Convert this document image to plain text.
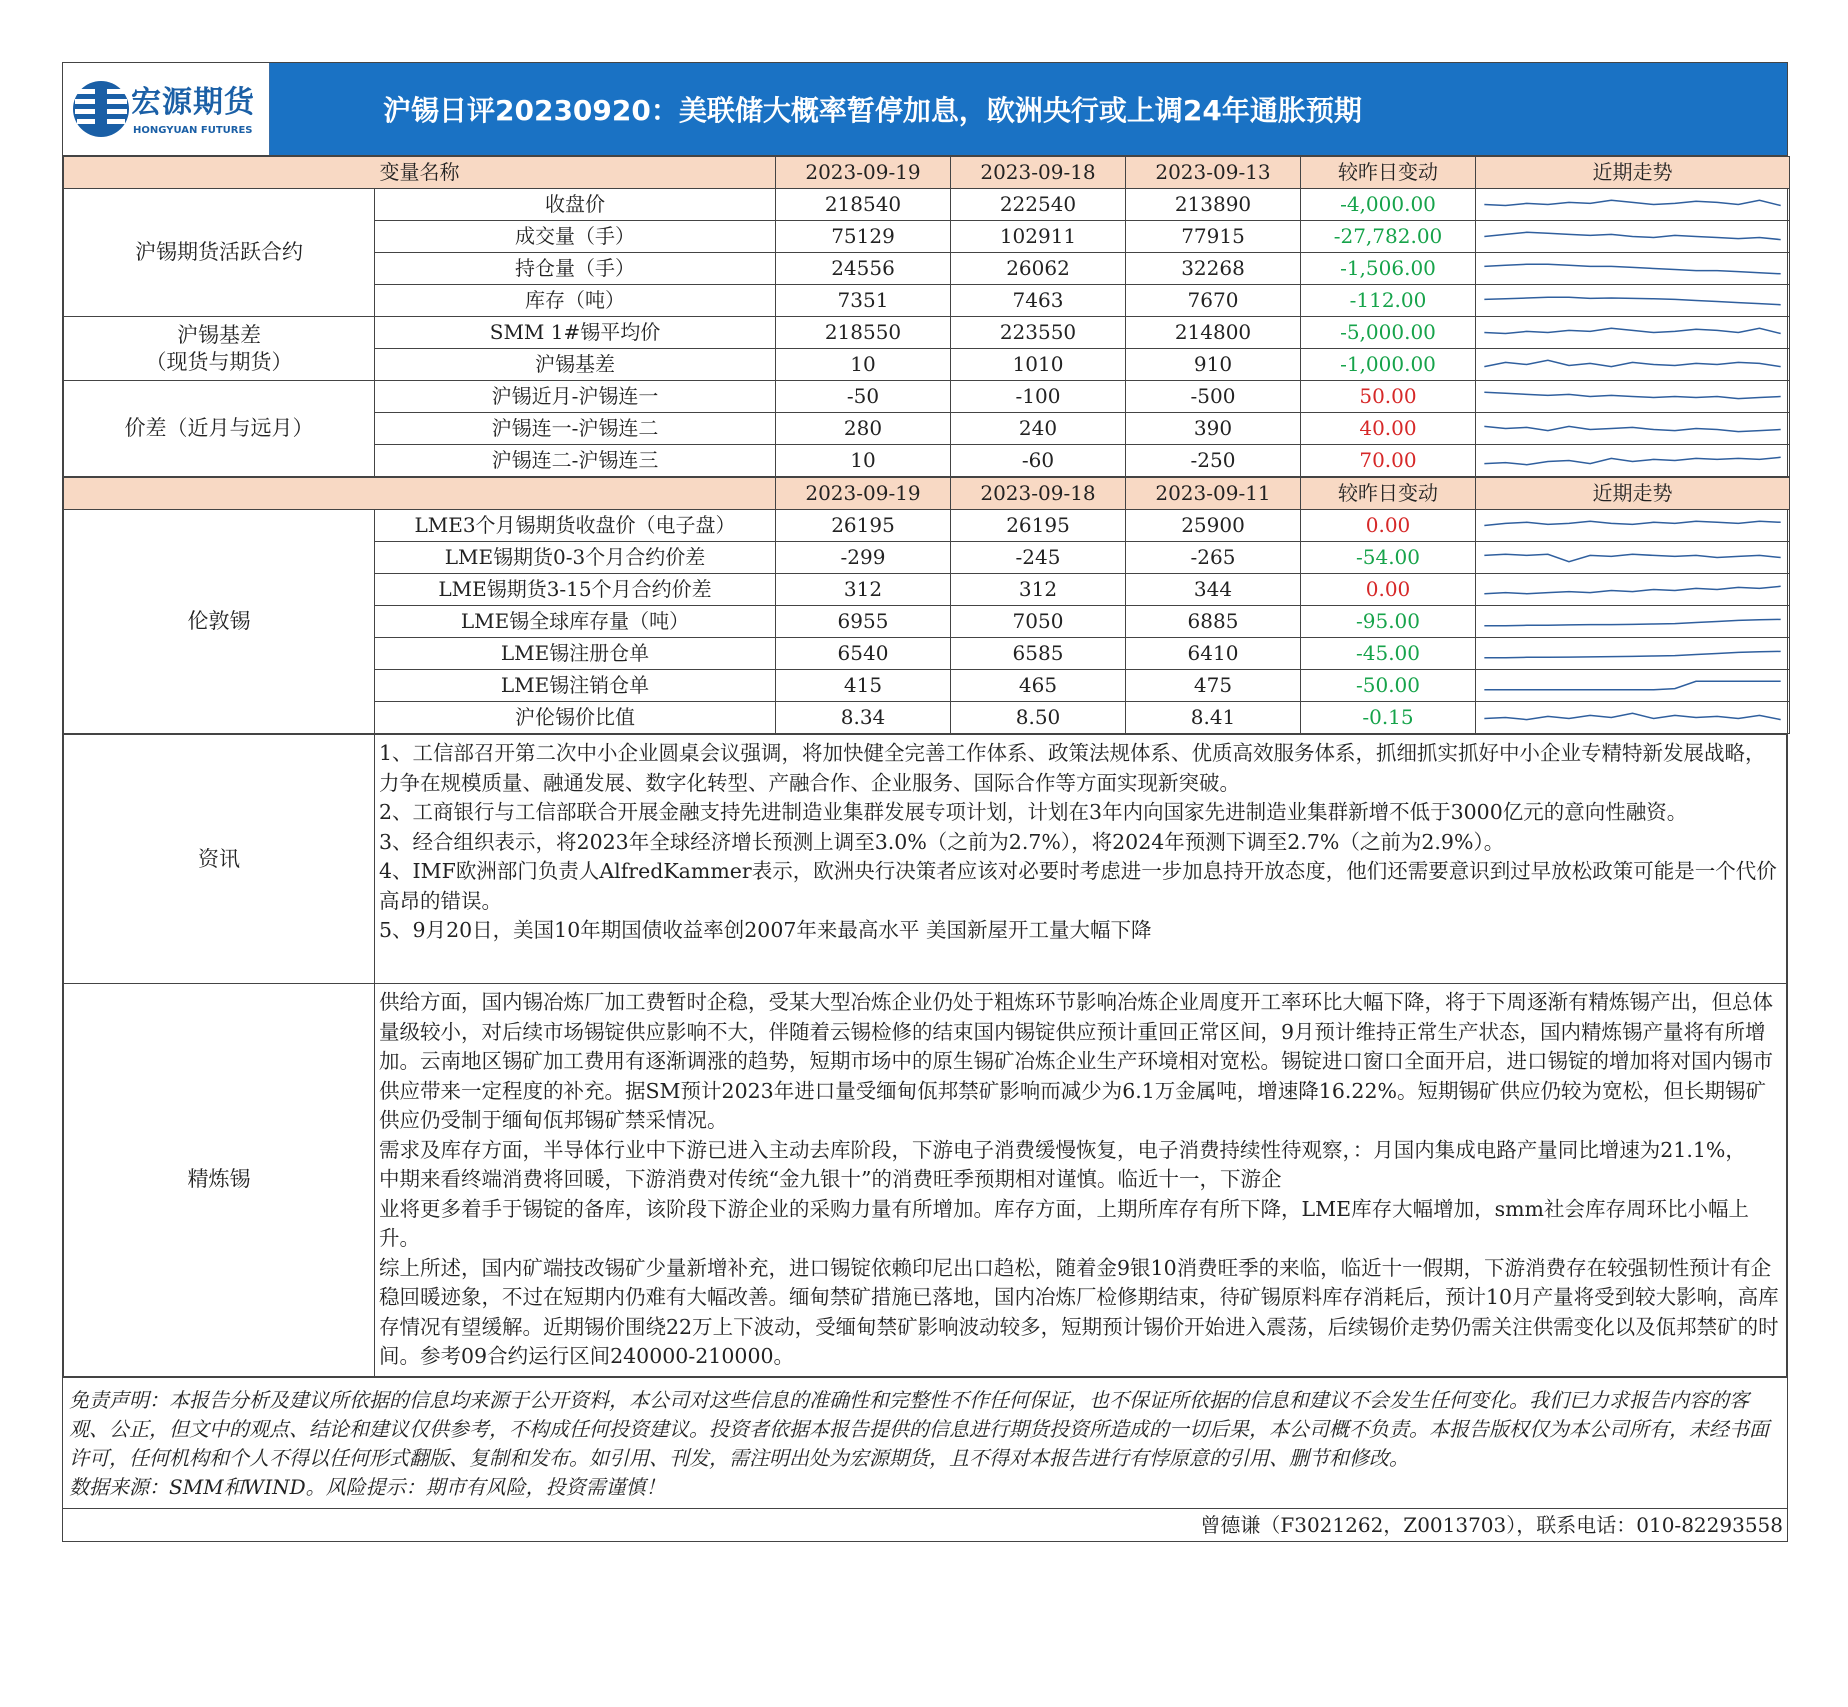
宏源期货
HONGYUAN FUTURES
沪锡日评20230920：美联储大概率暂停加息，欧洲央行或上调24年通胀预期
变量名称		2023-09-19	2023-09-18	2023-09-13	较昨日变动	近期走势
沪锡期货活跃合约	收盘价	218540	222540	213890	-4,000.00	

	成交量（手）	75129	102911	77915	-27,782.00	

	持仓量（手）	24556	26062	32268	-1,506.00	

	库存（吨）	7351	7463	7670	-112.00	

沪锡基差
（现货与期货）	SMM 1#锡平均价	218550	223550	214800	-5,000.00	

	沪锡基差	10	1010	910	-1,000.00	

价差（近月与远月）	沪锡近月-沪锡连一	-50	-100	-500	50.00	

	沪锡连一-沪锡连二	280	240	390	40.00	

	沪锡连二-沪锡连三	10	-60	-250	70.00	
		2023-09-19	2023-09-18	2023-09-11	较昨日变动	近期走势
伦敦锡	LME3个月锡期货收盘价（电子盘）	26195	26195	25900	0.00	

	LME锡期货0-3个月合约价差	-299	-245	-265	-54.00	

	LME锡期货3-15个月合约价差	312	312	344	0.00	

	LME锡全球库存量（吨）	6955	7050	6885	-95.00	

	LME锡注册仓单	6540	6585	6410	-45.00	

	LME锡注销仓单	415	465	475	-50.00	

	沪伦锡价比值	8.34	8.50	8.41	-0.15	
资讯	1、工信部召开第二次中小企业圆桌会议强调，将加快健全完善工作体系、政策法规体系、优质高效服务体系，抓细抓实抓好中小企业专精特新发展战略，力争在规模质量、融通发展、数字化转型、产融合作、企业服务、国际合作等方面实现新突破。

2、工商银行与工信部联合开展金融支持先进制造业集群发展专项计划，计划在3年内向国家先进制造业集群新增不低于3000亿元的意向性融资。

3、经合组织表示，将2023年全球经济增长预测上调至3.0%（之前为2.7%），将2024年预测下调至2.7%（之前为2.9%）。

4、IMF欧洲部门负责人AlfredKammer表示，欧洲央行决策者应该对必要时考虑进一步加息持开放态度，他们还需要意识到过早放松政策可能是一个代价高昂的错误。

5、9月20日，美国10年期国债收益率创2007年来最高水平 美国新屋开工量大幅下降

精炼锡	供给方面，国内锡冶炼厂加工费暂时企稳，受某大型冶炼企业仍处于粗炼环节影响冶炼企业周度开工率环比大幅下降，将于下周逐渐有精炼锡产出，但总体量级较小，对后续市场锡锭供应影响不大，伴随着云锡检修的结束国内锡锭供应预计重回正常区间，9月预计维持正常生产状态，国内精炼锡产量将有所增加。云南地区锡矿加工费用有逐渐调涨的趋势，短期市场中的原生锡矿冶炼企业生产环境相对宽松。锡锭进口窗口全面开启，进口锡锭的增加将对国内锡市供应带来一定程度的补充。据SM预计2023年进口量受缅甸佤邦禁矿影响而减少为6.1万金属吨，增速降16.22%。短期锡矿供应仍较为宽松，但长期锡矿供应仍受制于缅甸佤邦锡矿禁采情况。

需求及库存方面，半导体行业中下游已进入主动去库阶段，下游电子消费缓慢恢复，电子消费持续性待观察，：月国内集成电路产量同比增速为21.1%，

中期来看终端消费将回暖，下游消费对传统“金九银十”的消费旺季预期相对谨慎。临近十一，下游企

业将更多着手于锡锭的备库，该阶段下游企业的采购力量有所增加。库存方面，上期所库存有所下降，LME库存大幅增加，smm社会库存周环比小幅上升。

综上所述，国内矿端技改锡矿少量新增补充，进口锡锭依赖印尼出口趋松，随着金9银10消费旺季的来临，临近十一假期，下游消费存在较强韧性预计有企稳回暖迹象，不过在短期内仍难有大幅改善。缅甸禁矿措施已落地，国内冶炼厂检修期结束，待矿锡原料库存消耗后，预计10月产量将受到较大影响，高库存情况有望缓解。近期锡价围绕22万上下波动，受缅甸禁矿影响波动较多，短期预计锡价开始进入震荡，后续锡价走势仍需关注供需变化以及佤邦禁矿的时间。参考09合约运行区间240000-210000。

免责声明：本报告分析及建议所依据的信息均来源于公开资料，本公司对这些信息的准确性和完整性不作任何保证，也不保证所依据的信息和建议不会发生任何变化。我们已力求报告内容的客观、公正，但文中的观点、结论和建议仅供参考，不构成任何投资建议。投资者依据本报告提供的信息进行期货投资所造成的一切后果，本公司概不负责。本报告版权仅为本公司所有，未经书面许可，任何机构和个人不得以任何形式翻版、复制和发布。如引用、刊发，需注明出处为宏源期货，且不得对本报告进行有悖原意的引用、删节和修改。

数据来源：SMM和WIND。风险提示：期市有风险，投资需谨慎！

曾德谦（F3021262，Z0013703），联系电话：010-82293558
